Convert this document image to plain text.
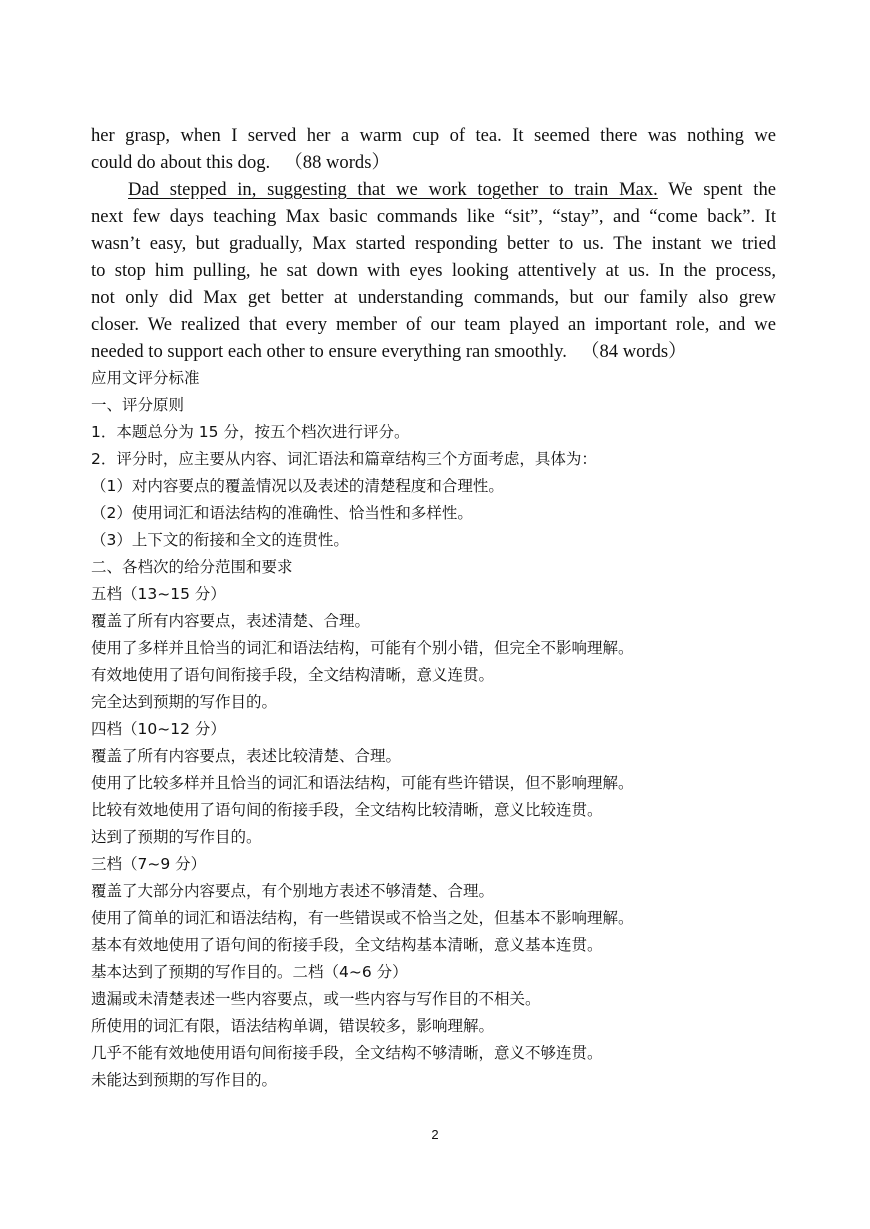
her grasp, when I served her a warm cup of tea. It seemed there was nothing we
could do about this dog. （88 words）
Dad stepped in, suggesting that we work together to train Max. We spent the
next few days teaching Max basic commands like “sit”, “stay”, and “come back”. It
wasn’t easy, but gradually, Max started responding better to us. The instant we tried
to stop him pulling, he sat down with eyes looking attentively at us. In the process,
not only did Max get better at understanding commands, but our family also grew
closer. We realized that every member of our team played an important role, and we
needed to support each other to ensure everything ran smoothly. （84 words）
应用文评分标准
一、评分原则
1．本题总分为 15 分，按五个档次进行评分。
2．评分时，应主要从内容、词汇语法和篇章结构三个方面考虑，具体为：
（1）对内容要点的覆盖情况以及表述的清楚程度和合理性。
（2）使用词汇和语法结构的准确性、恰当性和多样性。
（3）上下文的衔接和全文的连贯性。
二、各档次的给分范围和要求
五档（13~15 分）
覆盖了所有内容要点，表述清楚、合理。
使用了多样并且恰当的词汇和语法结构，可能有个别小错，但完全不影响理解。
有效地使用了语句间衔接手段，全文结构清晰，意义连贯。
完全达到预期的写作目的。
四档（10~12 分）
覆盖了所有内容要点，表述比较清楚、合理。
使用了比较多样并且恰当的词汇和语法结构，可能有些许错误，但不影响理解。
比较有效地使用了语句间的衔接手段，全文结构比较清晰，意义比较连贯。
达到了预期的写作目的。
三档（7~9 分）
覆盖了大部分内容要点，有个别地方表述不够清楚、合理。
使用了简单的词汇和语法结构，有一些错误或不恰当之处，但基本不影响理解。
基本有效地使用了语句间的衔接手段，全文结构基本清晰，意义基本连贯。
基本达到了预期的写作目的。二档（4~6 分）
遗漏或未清楚表述一些内容要点，或一些内容与写作目的不相关。
所使用的词汇有限，语法结构单调，错误较多，影响理解。
几乎不能有效地使用语句间衔接手段，全文结构不够清晰，意义不够连贯。
未能达到预期的写作目的。
2
